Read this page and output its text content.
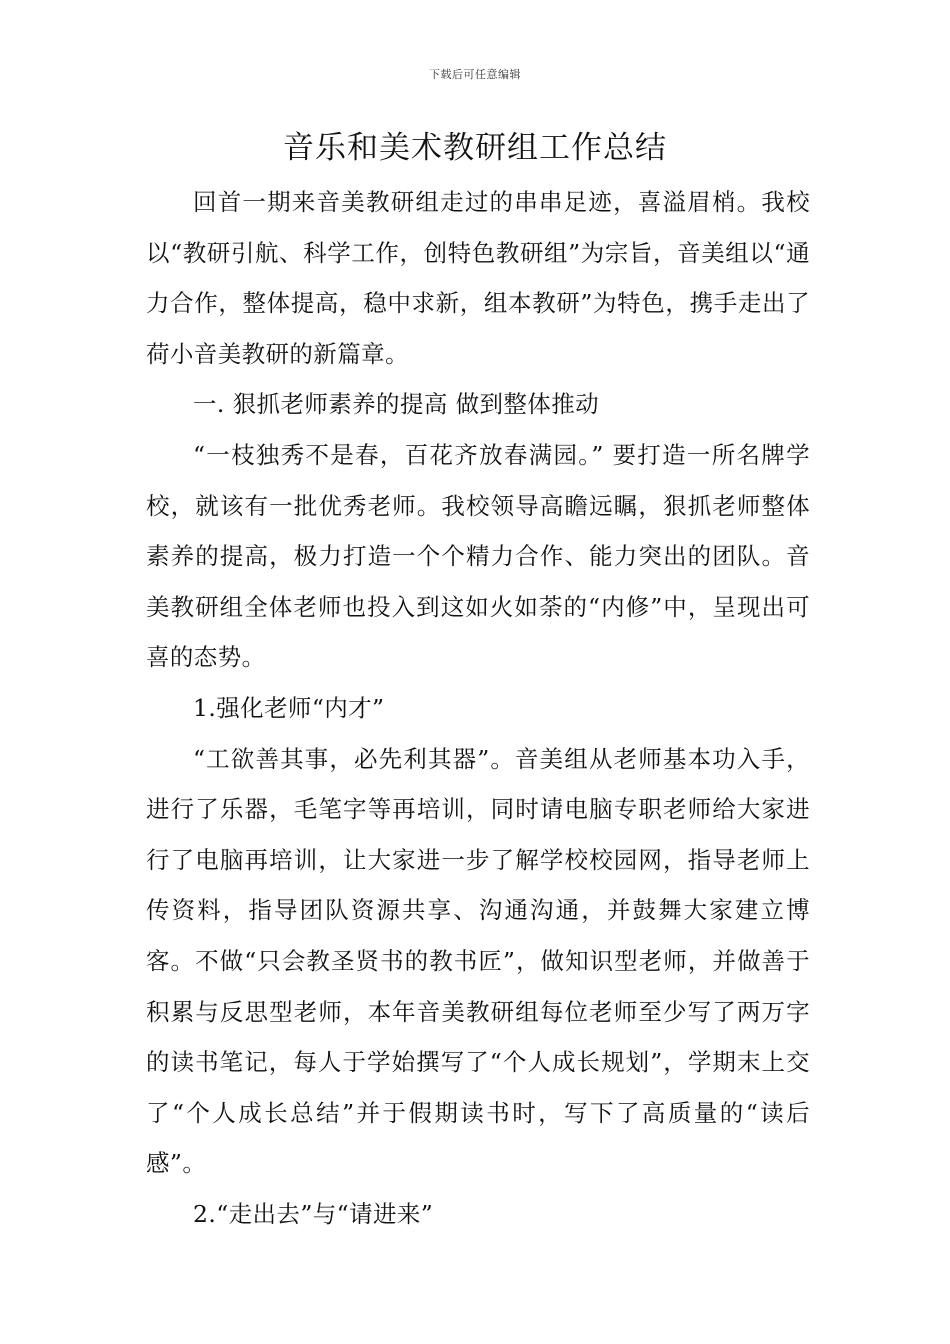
下载后可任意编辑
音乐和美术教研组工作总结

回首一期来音美教研组走过的串串足迹，喜溢眉梢。我校以“教研引航、科学工作，创特色教研组”为宗旨，音美组以“通力合作，整体提高，稳中求新，组本教研”为特色，携手走出了荷小音美教研的新篇章。

一. 狠抓老师素养的提高 做到整体推动

“一枝独秀不是春，百花齐放春满园。” 要打造一所名牌学校，就该有一批优秀老师。我校领导高瞻远瞩，狠抓老师整体素养的提高，极力打造一个个精力合作、能力突出的团队。音美教研组全体老师也投入到这如火如荼的“内修”中，呈现出可喜的态势。

1.强化老师“内才”

“工欲善其事，必先利其器”。音美组从老师基本功入手，进行了乐器，毛笔字等再培训，同时请电脑专职老师给大家进行了电脑再培训，让大家进一步了解学校校园网，指导老师上传资料，指导团队资源共享、沟通沟通，并鼓舞大家建立博客。不做“只会教圣贤书的教书匠”，做知识型老师，并做善于积累与反思型老师，本年音美教研组每位老师至少写了两万字的读书笔记，每人于学始撰写了“个人成长规划”，学期末上交了“个人成长总结”并于假期读书时，写下了高质量的“读后感”。

2.“走出去”与“请进来”
